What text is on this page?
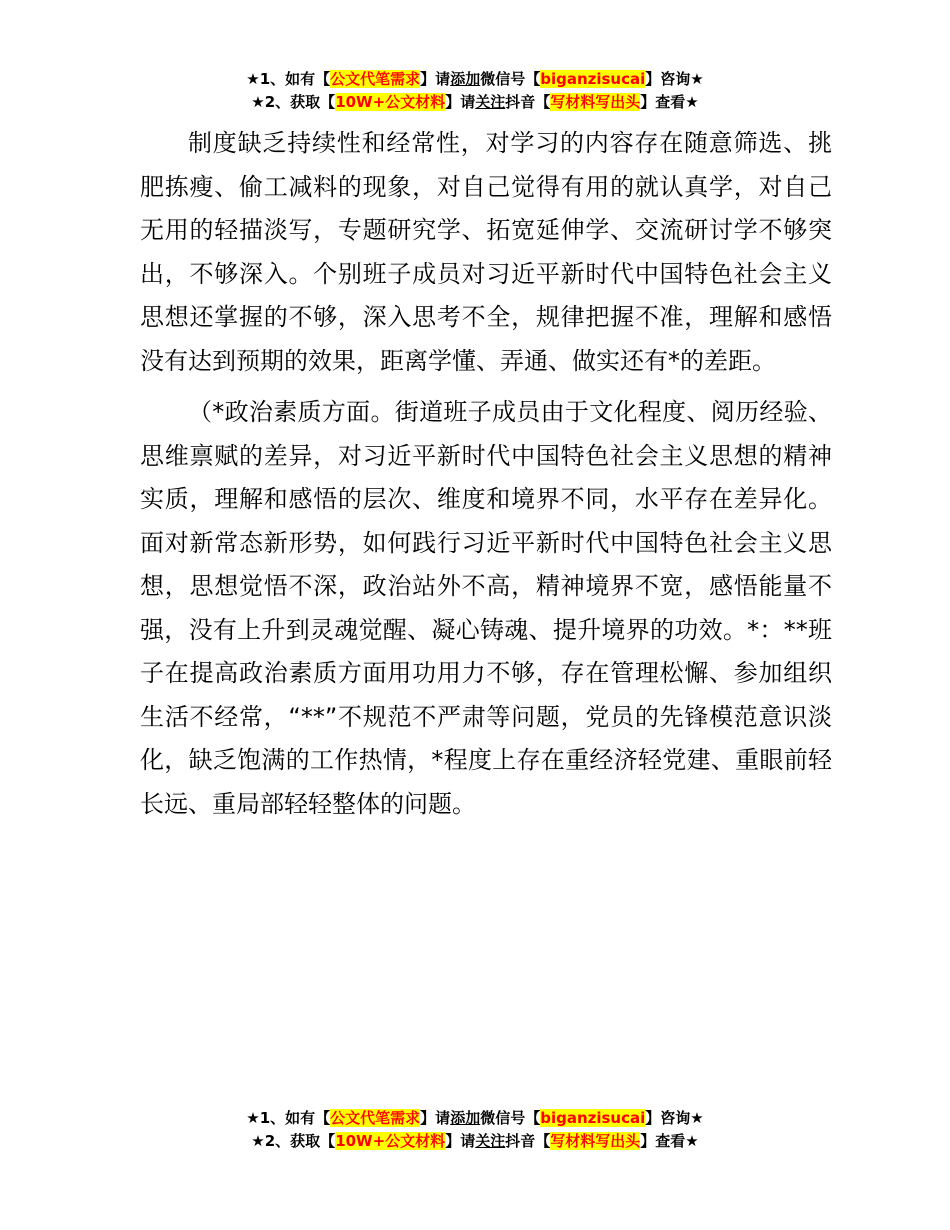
★1、如有【公文代笔需求】请添加微信号【biganzisucai】咨询★
★2、获取【10W+公文材料】请关注抖音【写材料写出头】查看★

制度缺乏持续性和经常性，对学习的内容存在随意筛选、挑肥拣瘦、偷工减料的现象，对自己觉得有用的就认真学，对自己无用的轻描淡写，专题研究学、拓宽延伸学、交流研讨学不够突出，不够深入。个别班子成员对习近平新时代中国特色社会主义思想还掌握的不够，深入思考不全，规律把握不准，理解和感悟没有达到预期的效果，距离学懂、弄通、做实还有*的差距。

（*政治素质方面。街道班子成员由于文化程度、阅历经验、思维禀赋的差异，对习近平新时代中国特色社会主义思想的精神实质，理解和感悟的层次、维度和境界不同，水平存在差异化。面对新常态新形势，如何践行习近平新时代中国特色社会主义思想，思想觉悟不深，政治站外不高，精神境界不宽，感悟能量不强，没有上升到灵魂觉醒、凝心铸魂、提升境界的功效。*：**班子在提高政治素质方面用功用力不够，存在管理松懈、参加组织生活不经常，“**”不规范不严肃等问题，党员的先锋模范意识淡化，缺乏饱满的工作热情，*程度上存在重经济轻党建、重眼前轻长远、重局部轻轻整体的问题。

★1、如有【公文代笔需求】请添加微信号【biganzisucai】咨询★
★2、获取【10W+公文材料】请关注抖音【写材料写出头】查看★
